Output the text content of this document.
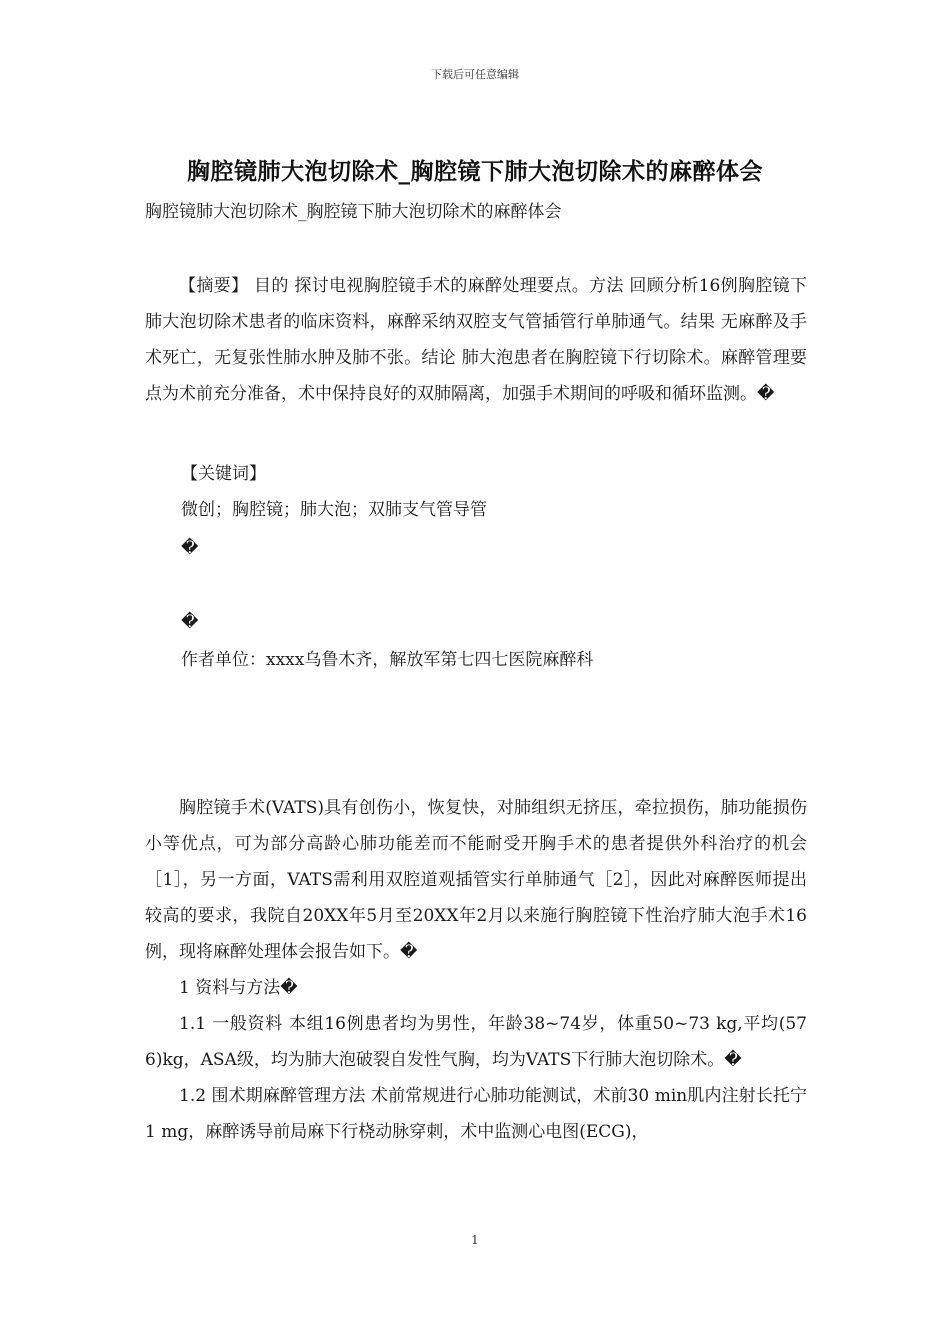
下载后可任意编辑
胸腔镜肺大泡切除术_胸腔镜下肺大泡切除术的麻醉体会
胸腔镜肺大泡切除术_胸腔镜下肺大泡切除术的麻醉体会

【摘要】 目的 探讨电视胸腔镜手术的麻醉处理要点。方法 回顾分析16例胸腔镜下肺大泡切除术患者的临床资料，麻醉采纳双腔支气管插管行单肺通气。结果 无麻醉及手术死亡，无复张性肺水肿及肺不张。结论 肺大泡患者在胸腔镜下行切除术。麻醉管理要点为术前充分准备，术中保持良好的双肺隔离，加强手术期间的呼吸和循环监测。�

【关键词】
微创；胸腔镜；肺大泡；双肺支气管导管
�
�
作者单位：xxxx乌鲁木齐，解放军第七四七医院麻醉科

胸腔镜手术(VATS)具有创伤小，恢复快，对肺组织无挤压，牵拉损伤，肺功能损伤小等优点，可为部分高龄心肺功能差而不能耐受开胸手术的患者提供外科治疗的机会［1］，另一方面，VATS需利用双腔道观插管实行单肺通气［2］，因此对麻醉医师提出较高的要求，我院自20XX年5月至20XX年2月以来施行胸腔镜下性治疗肺大泡手术16例，现将麻醉处理体会报告如下。�

1 资料与方法�

1.1 一般资料 本组16例患者均为男性，年龄38~74岁，体重50~73 kg,平均(57 6)kg，ASA级，均为肺大泡破裂自发性气胸，均为VATS下行肺大泡切除术。�

1.2 围术期麻醉管理方法 术前常规进行心肺功能测试，术前30 min肌内注射长托宁1 mg，麻醉诱导前局麻下行桡动脉穿刺，术中监测心电图(ECG)，

1
